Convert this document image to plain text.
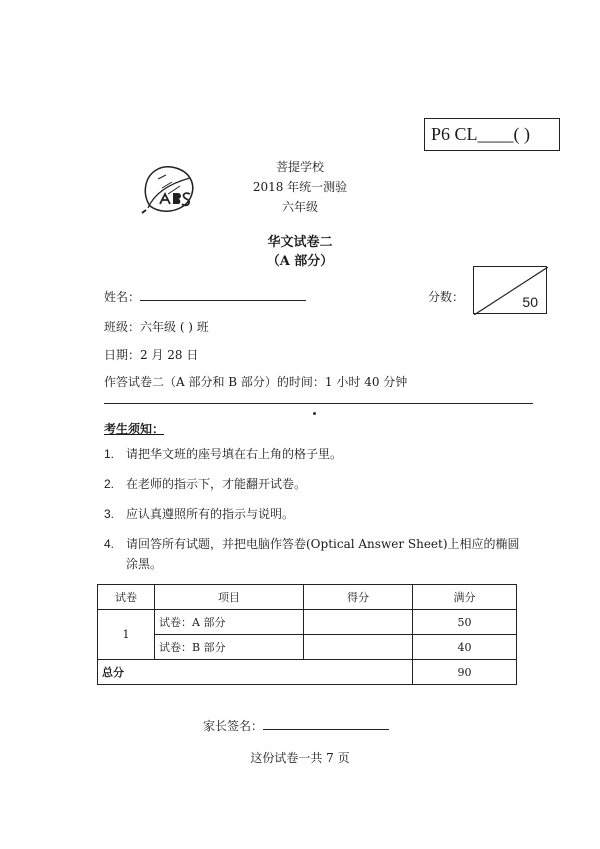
P6 CL____( )
菩提学校
2018 年统一测验
六年级
华文试卷二
（A 部分）
姓名：	分数：	50
班级：六年级 ( ) 班
日期：2 月 28 日
作答试卷二（A 部分和 B 部分）的时间：1 小时 40 分钟
考生须知：
1. 请把华文班的座号填在右上角的格子里。
2. 在老师的指示下，才能翻开试卷。
3. 应认真遵照所有的指示与说明。
4. 请回答所有试题，并把电脑作答卷(Optical Answer Sheet)上相应的椭圆涂黑。
试卷	项目	得分	满分
1	试卷：A 部分		50
	试卷：B 部分		40
总分			90
家长签名：
这份试卷一共 7 页
